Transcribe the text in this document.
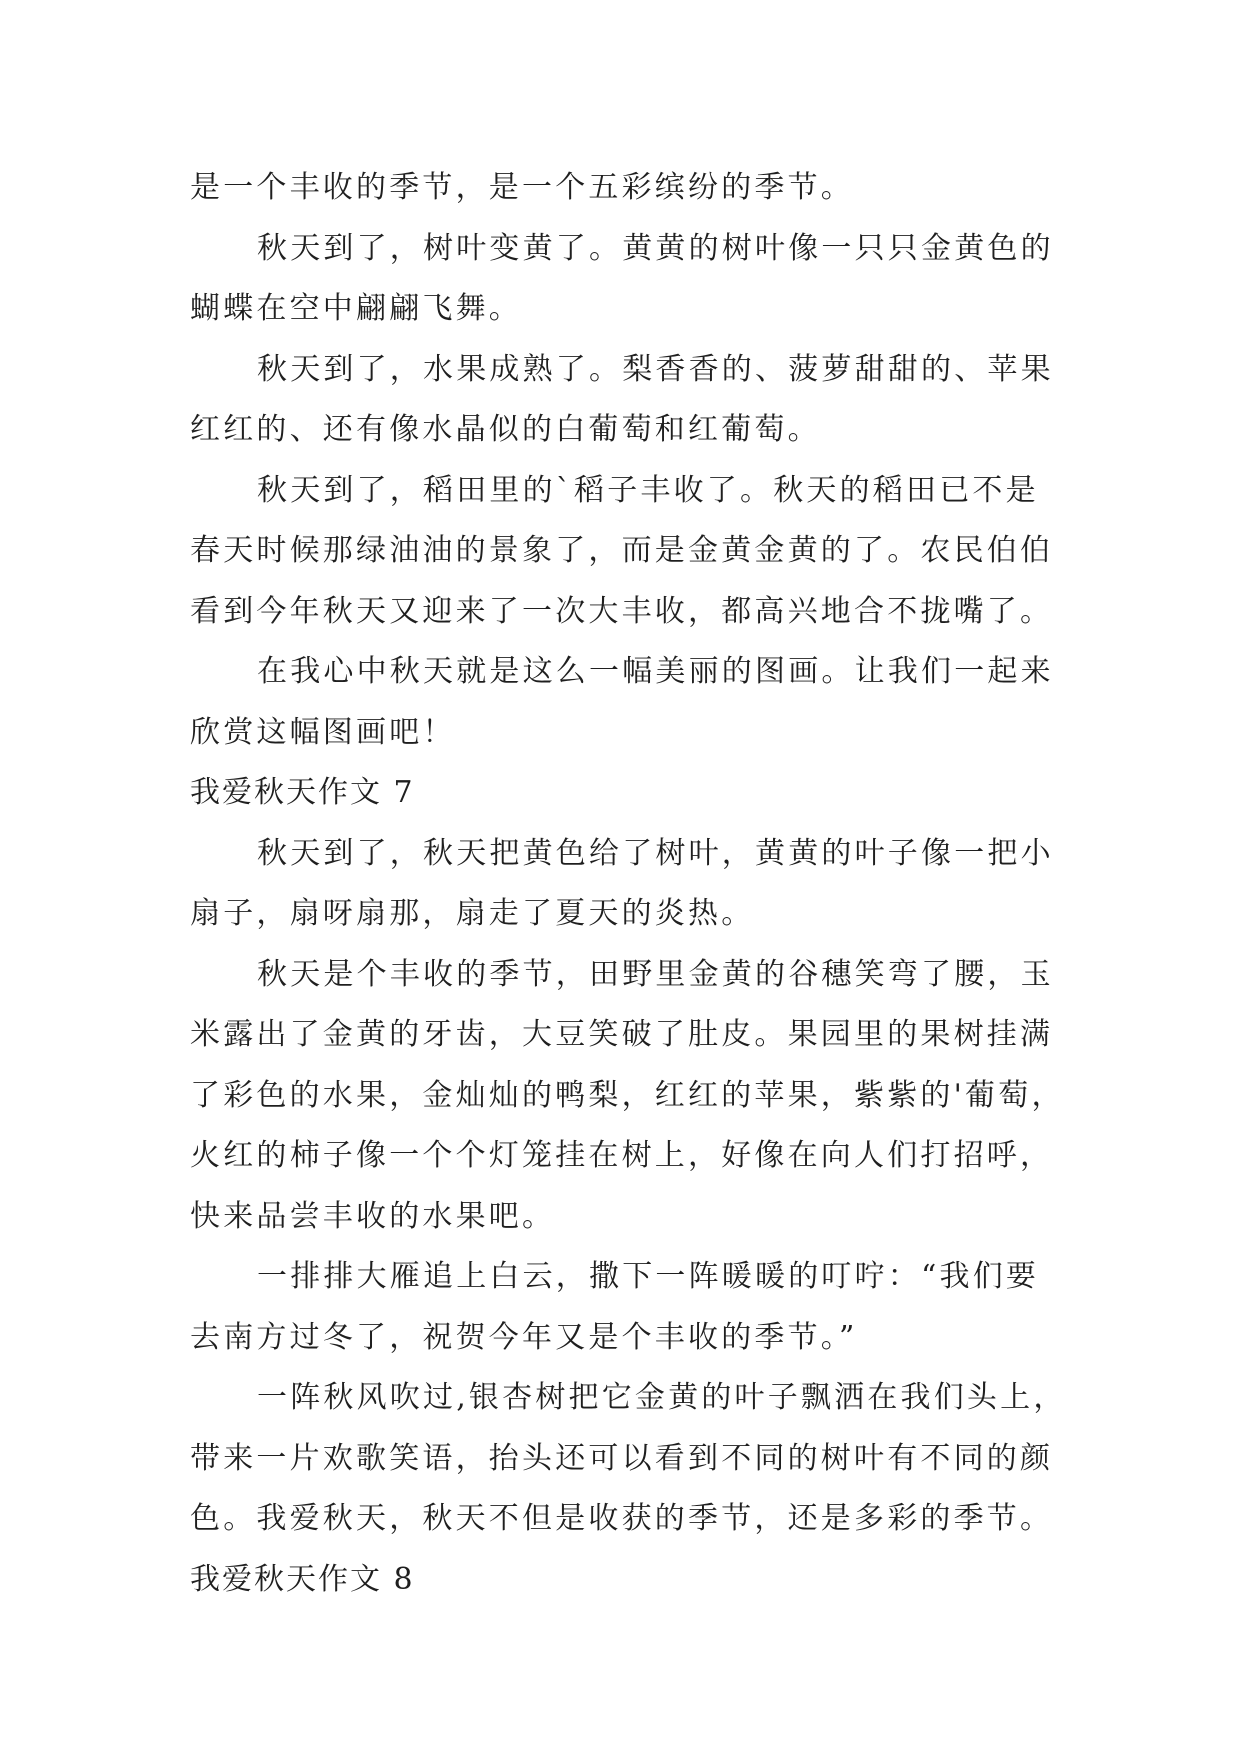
是一个丰收的季节，是一个五彩缤纷的季节。
秋天到了，树叶变黄了。黄黄的树叶像一只只金黄色的
蝴蝶在空中翩翩飞舞。
秋天到了，水果成熟了。梨香香的、菠萝甜甜的、苹果
红红的、还有像水晶似的白葡萄和红葡萄。
秋天到了，稻田里的`稻子丰收了。秋天的稻田已不是
春天时候那绿油油的景象了，而是金黄金黄的了。农民伯伯
看到今年秋天又迎来了一次大丰收，都高兴地合不拢嘴了。
在我心中秋天就是这么一幅美丽的图画。让我们一起来
欣赏这幅图画吧！
我爱秋天作文 7
秋天到了，秋天把黄色给了树叶，黄黄的叶子像一把小
扇子，扇呀扇那，扇走了夏天的炎热。
秋天是个丰收的季节，田野里金黄的谷穗笑弯了腰，玉
米露出了金黄的牙齿，大豆笑破了肚皮。果园里的果树挂满
了彩色的水果，金灿灿的鸭梨，红红的苹果，紫紫的'葡萄，
火红的柿子像一个个灯笼挂在树上，好像在向人们打招呼，
快来品尝丰收的水果吧。
一排排大雁追上白云，撒下一阵暖暖的叮咛：“我们要
去南方过冬了，祝贺今年又是个丰收的季节。”
一阵秋风吹过,银杏树把它金黄的叶子飘洒在我们头上，
带来一片欢歌笑语，抬头还可以看到不同的树叶有不同的颜
色。我爱秋天，秋天不但是收获的季节，还是多彩的季节。
我爱秋天作文 8
